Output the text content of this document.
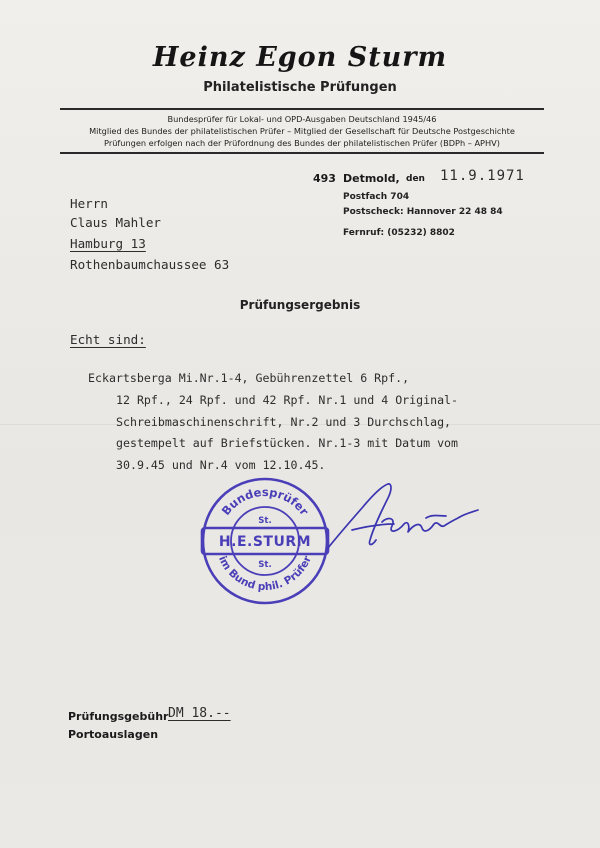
Heinz Egon Sturm
Philatelistische Prüfungen
Bundesprüfer für Lokal- und OPD-Ausgaben Deutschland 1945/46
Mitglied des Bundes der philatelistischen Prüfer – Mitglied der Gesellschaft für Deutsche Postgeschichte
Prüfungen erfolgen nach der Prüfordnung des Bundes der philatelistischen Prüfer (BDPh – APHV)
493 Detmold, den 11.9.1971
Postfach 704
Postscheck: Hannover 22 48 84
Fernruf: (05232) 8802
Herrn
Claus Mahler
Hamburg 13
Rothenbaumchaussee 63
Prüfungsergebnis
Echt sind:
Eckartsberga Mi.Nr.1-4, Gebührenzettel 6 Rpf.,
12 Rpf., 24 Rpf. und 42 Rpf. Nr.1 und 4 Original-
Schreibmaschinenschrift, Nr.2 und 3 Durchschlag,
gestempelt auf Briefstücken. Nr.1-3 mit Datum vom
30.9.45 und Nr.4 vom 12.10.45.
Bundesprüfer
im Bund phil. Prüfer
St.
H.E.STURM
St.
Prüfungsgebühr DM 18.--
Portoauslagen
